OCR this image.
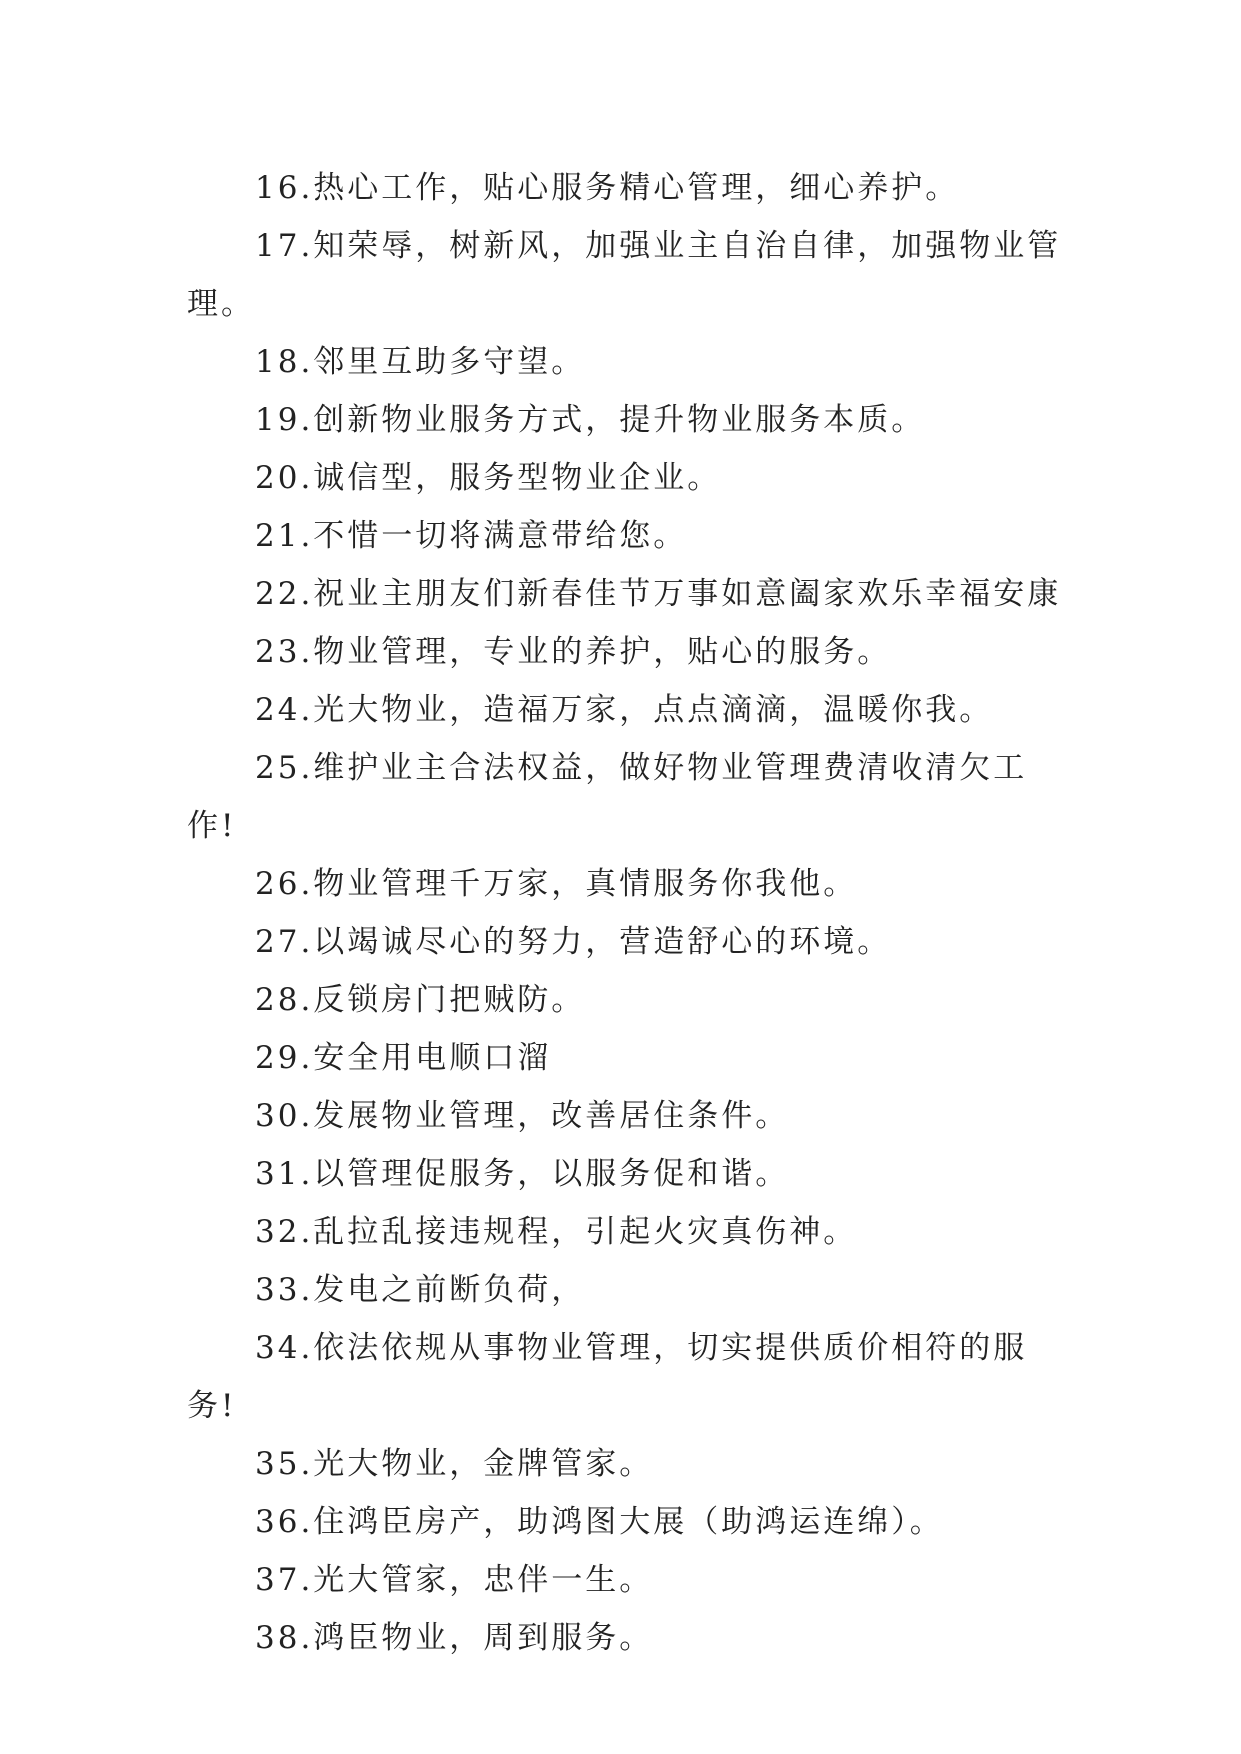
16.热心工作，贴心服务精心管理，细心养护。

17.知荣辱，树新风，加强业主自治自律，加强物业管理。

18.邻里互助多守望。

19.创新物业服务方式，提升物业服务本质。

20.诚信型，服务型物业企业。

21.不惜一切将满意带给您。

22.祝业主朋友们新春佳节万事如意阖家欢乐幸福安康

23.物业管理，专业的养护，贴心的服务。

24.光大物业，造福万家，点点滴滴，温暖你我。

25.维护业主合法权益，做好物业管理费清收清欠工作!

26.物业管理千万家，真情服务你我他。

27.以竭诚尽心的努力，营造舒心的环境。

28.反锁房门把贼防。

29.安全用电顺口溜

30.发展物业管理，改善居住条件。

31.以管理促服务，以服务促和谐。

32.乱拉乱接违规程，引起火灾真伤神。

33.发电之前断负荷，

34.依法依规从事物业管理，切实提供质价相符的服务!

35.光大物业，金牌管家。

36.住鸿臣房产，助鸿图大展（助鸿运连绵）。

37.光大管家，忠伴一生。

38.鸿臣物业，周到服务。
